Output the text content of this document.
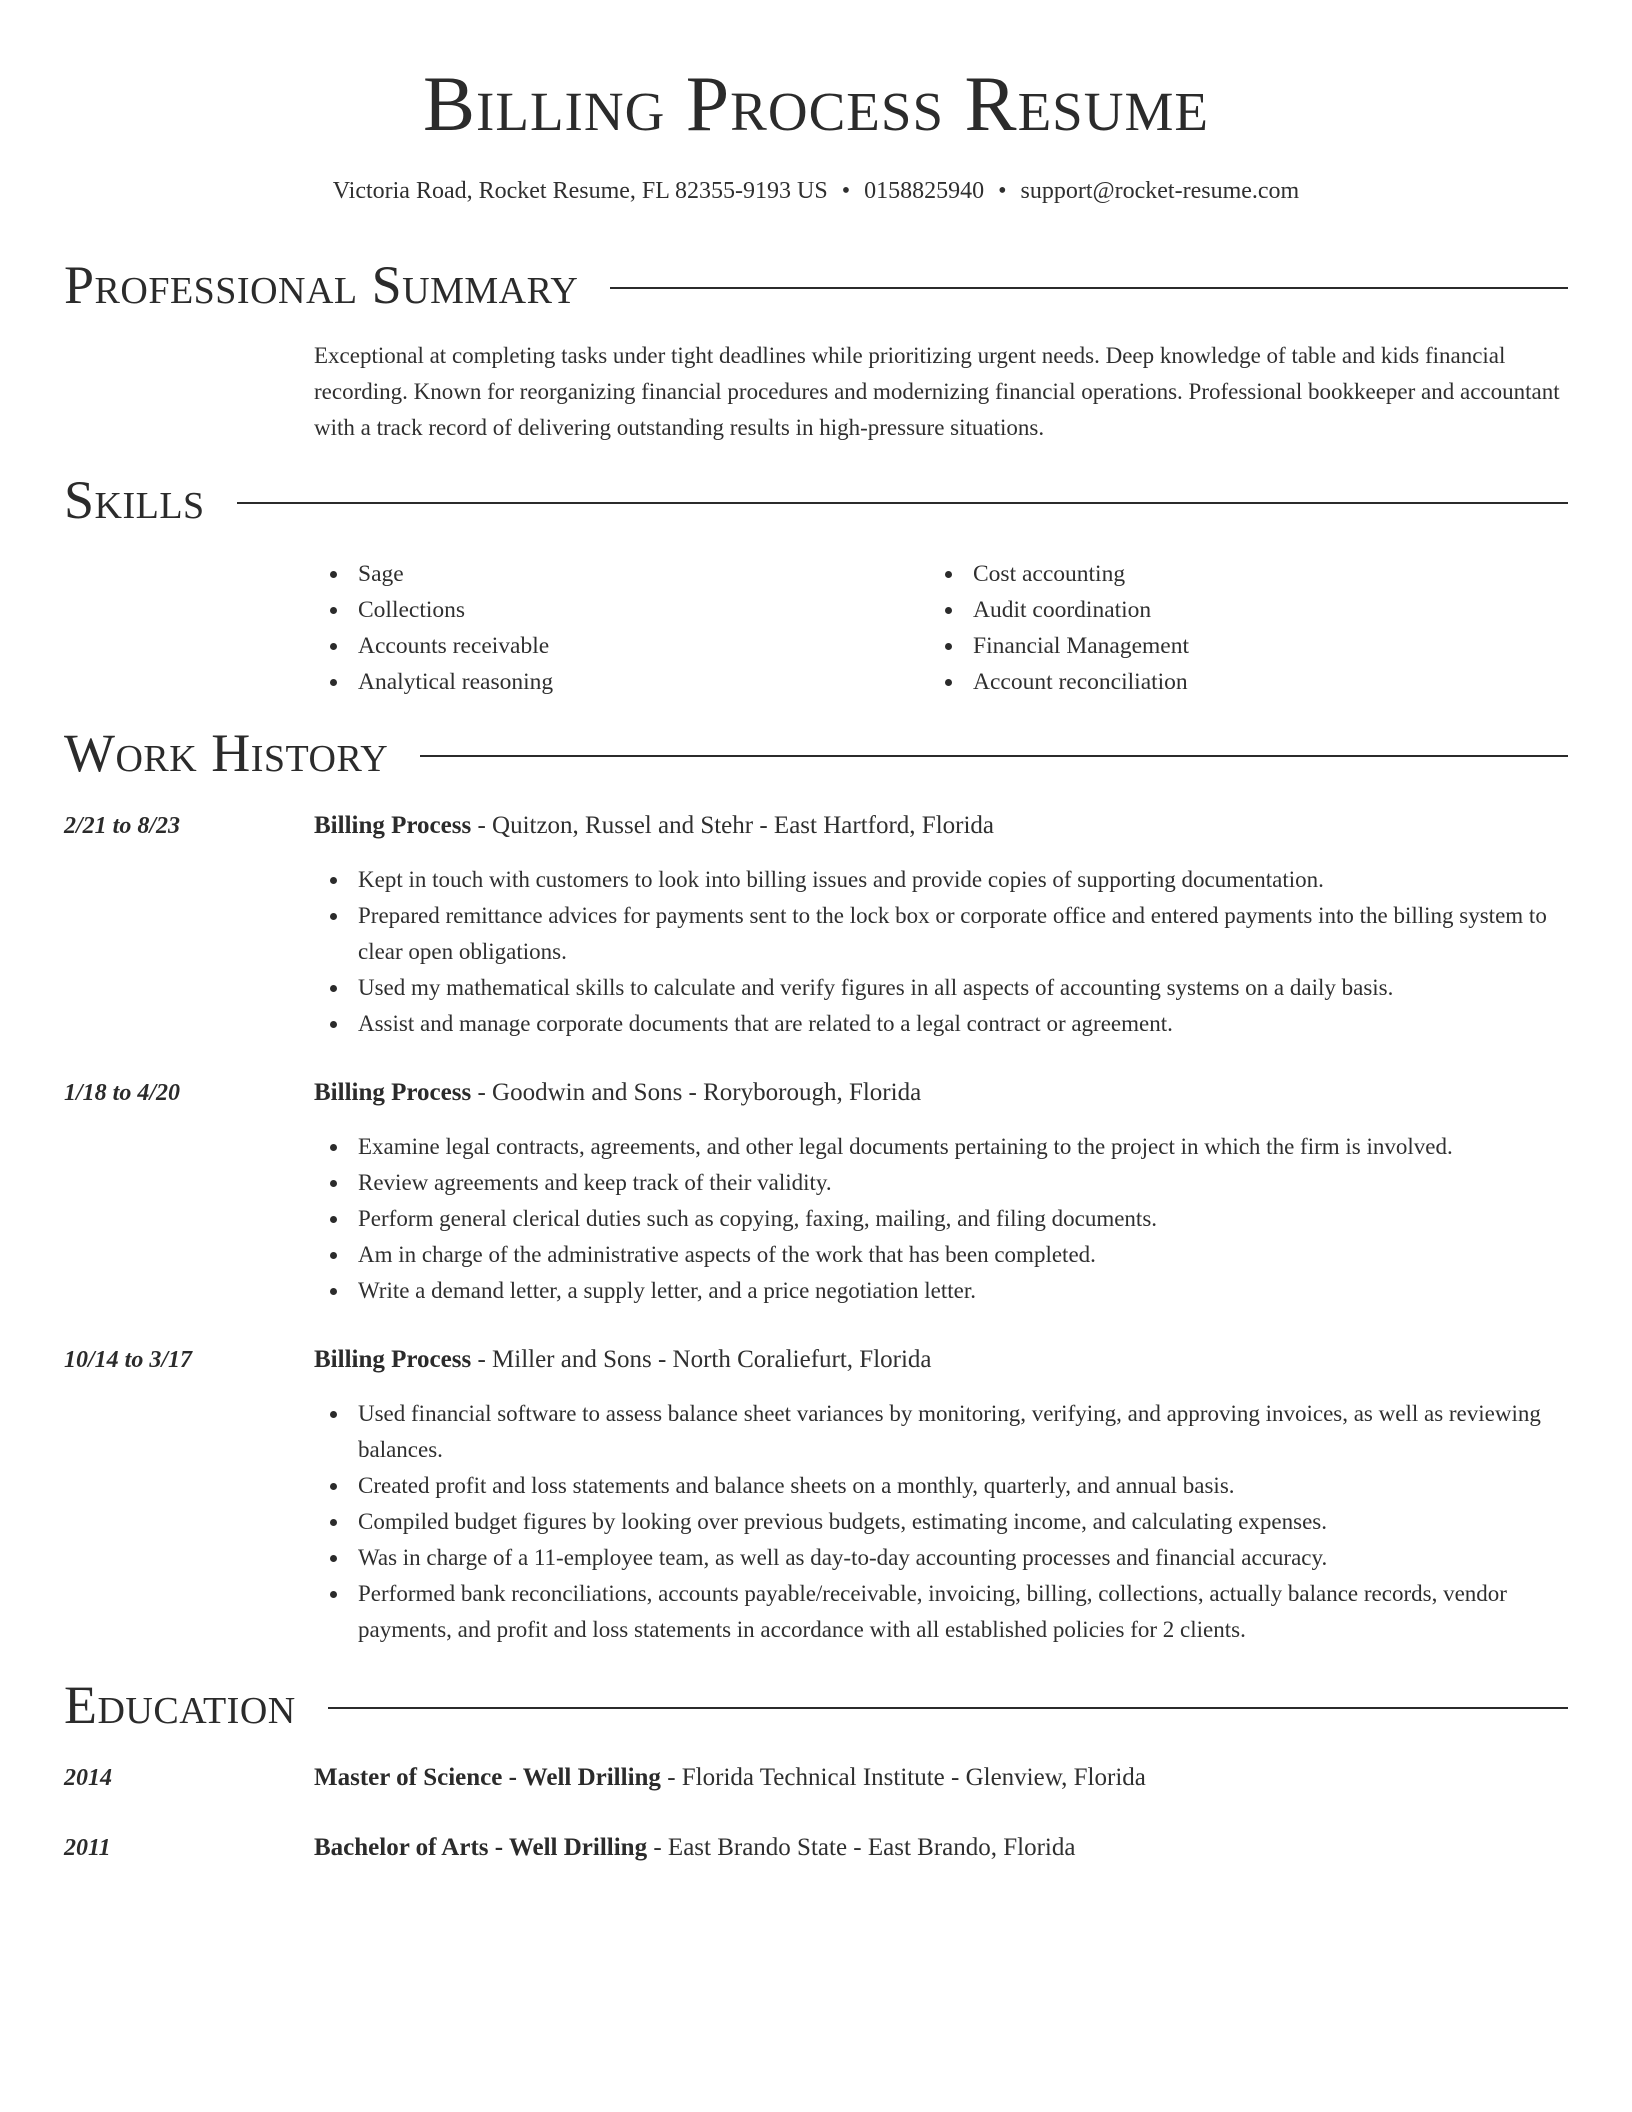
Billing Process Resume
Victoria Road, Rocket Resume, FL 82355-9193 US • 0158825940 • support@rocket-resume.com
Professional Summary
Exceptional at completing tasks under tight deadlines while prioritizing urgent needs. Deep knowledge of table and kids financial recording. Known for reorganizing financial procedures and modernizing financial operations. Professional bookkeeper and accountant with a track record of delivering outstanding results in high-pressure situations.
Skills
Sage
Collections
Accounts receivable
Analytical reasoning
Cost accounting
Audit coordination
Financial Management
Account reconciliation
Work History
2/21 to 8/23	Billing Process - Quitzon, Russel and Stehr - East Hartford, Florida
Kept in touch with customers to look into billing issues and provide copies of supporting documentation.
Prepared remittance advices for payments sent to the lock box or corporate office and entered payments into the billing system to clear open obligations.
Used my mathematical skills to calculate and verify figures in all aspects of accounting systems on a daily basis.
Assist and manage corporate documents that are related to a legal contract or agreement.
1/18 to 4/20	Billing Process - Goodwin and Sons - Roryborough, Florida
Examine legal contracts, agreements, and other legal documents pertaining to the project in which the firm is involved.
Review agreements and keep track of their validity.
Perform general clerical duties such as copying, faxing, mailing, and filing documents.
Am in charge of the administrative aspects of the work that has been completed.
Write a demand letter, a supply letter, and a price negotiation letter.
10/14 to 3/17	Billing Process - Miller and Sons - North Coraliefurt, Florida
Used financial software to assess balance sheet variances by monitoring, verifying, and approving invoices, as well as reviewing balances.
Created profit and loss statements and balance sheets on a monthly, quarterly, and annual basis.
Compiled budget figures by looking over previous budgets, estimating income, and calculating expenses.
Was in charge of a 11-employee team, as well as day-to-day accounting processes and financial accuracy.
Performed bank reconciliations, accounts payable/receivable, invoicing, billing, collections, actually balance records, vendor payments, and profit and loss statements in accordance with all established policies for 2 clients.
Education
2014	Master of Science - Well Drilling - Florida Technical Institute - Glenview, Florida
2011	Bachelor of Arts - Well Drilling - East Brando State - East Brando, Florida
